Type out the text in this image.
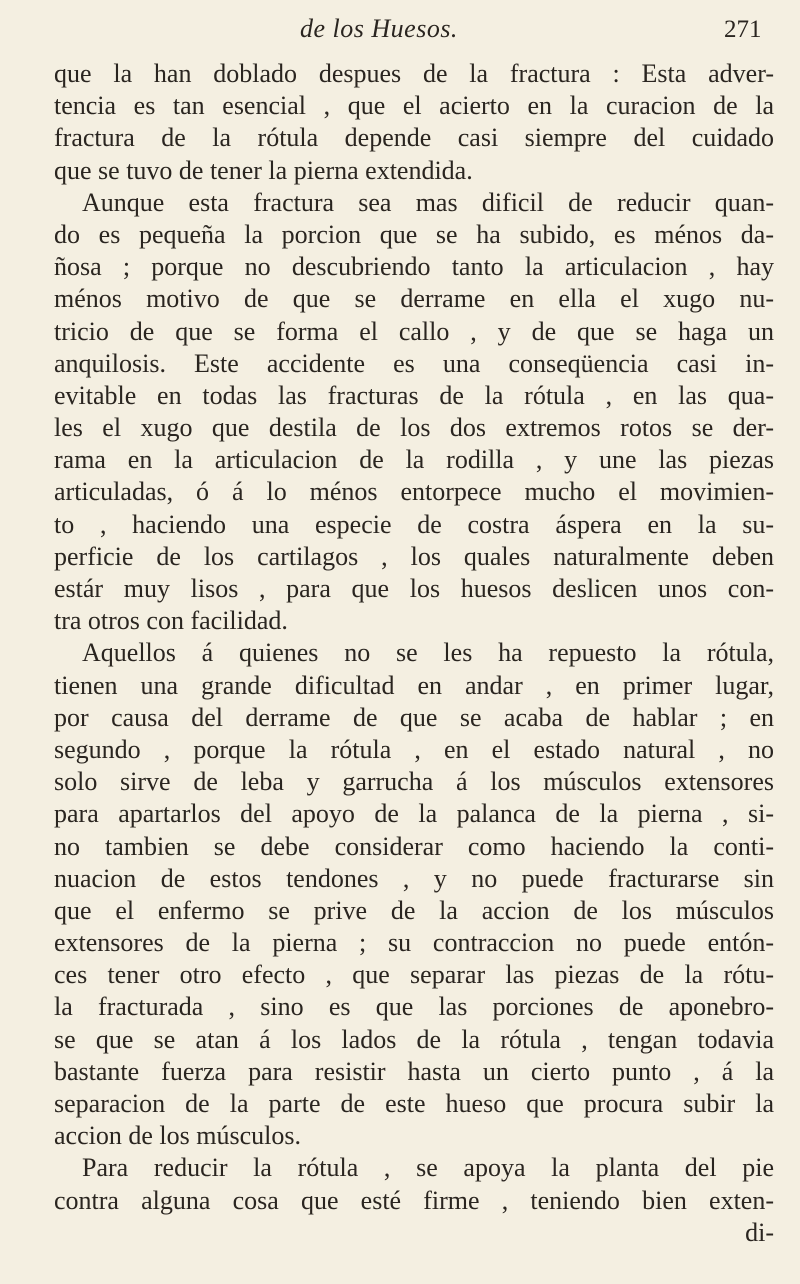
de los Huesos.	271
que la han doblado despues de la fractura : Esta adver-
tencia es tan esencial , que el acierto en la curacion de la
fractura de la rótula depende casi siempre del cuidado
que se tuvo de tener la pierna extendida.
Aunque esta fractura sea mas dificil de reducir quan-
do es pequeña la porcion que se ha subido, es ménos da-
ñosa ; porque no descubriendo tanto la articulacion , hay
ménos motivo de que se derrame en ella el xugo nu-
tricio de que se forma el callo , y de que se haga un
anquilosis. Este accidente es una conseqüencia casi in-
evitable en todas las fracturas de la rótula , en las qua-
les el xugo que destila de los dos extremos rotos se der-
rama en la articulacion de la rodilla , y une las piezas
articuladas, ó á lo ménos entorpece mucho el movimien-
to , haciendo una especie de costra áspera en la su-
perficie de los cartilagos , los quales naturalmente deben
estár muy lisos , para que los huesos deslicen unos con-
tra otros con facilidad.
Aquellos á quienes no se les ha repuesto la rótula,
tienen una grande dificultad en andar , en primer lugar,
por causa del derrame de que se acaba de hablar ; en
segundo , porque la rótula , en el estado natural , no
solo sirve de leba y garrucha á los músculos extensores
para apartarlos del apoyo de la palanca de la pierna , si-
no tambien se debe considerar como haciendo la conti-
nuacion de estos tendones , y no puede fracturarse sin
que el enfermo se prive de la accion de los músculos
extensores de la pierna ; su contraccion no puede entón-
ces tener otro efecto , que separar las piezas de la rótu-
la fracturada , sino es que las porciones de aponebro-
se que se atan á los lados de la rótula , tengan todavia
bastante fuerza para resistir hasta un cierto punto , á la
separacion de la parte de este hueso que procura subir la
accion de los músculos.
Para reducir la rótula , se apoya la planta del pie
contra alguna cosa que esté firme , teniendo bien exten-
di-
